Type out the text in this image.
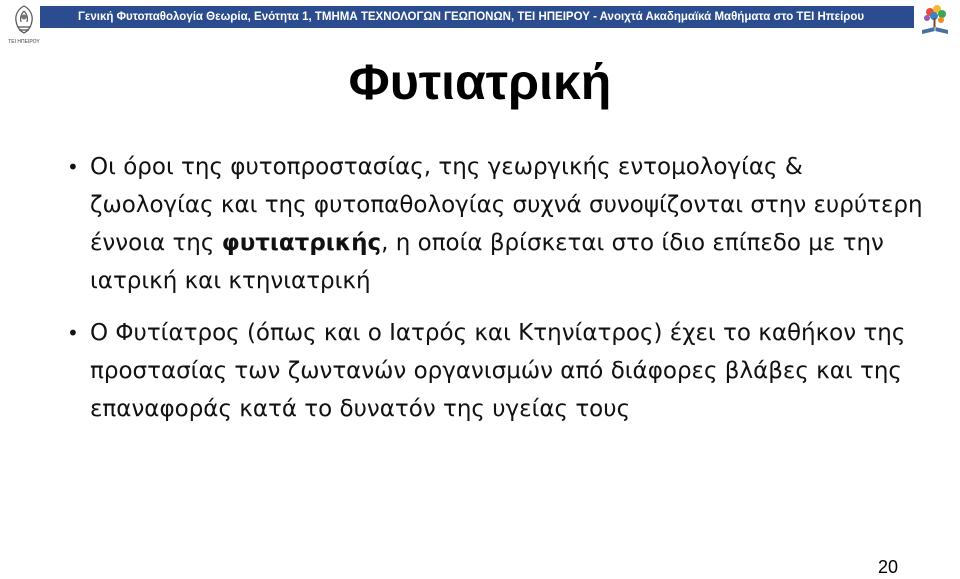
ΤΕΙ ΗΠΕΙΡΟΥ
Γενική Φυτοπαθολογία Θεωρία, Ενότητα 1, ΤΜΗΜΑ ΤΕΧΝΟΛΟΓΩΝ ΓΕΩΠΟΝΩΝ, ΤΕΙ ΗΠΕΙΡΟΥ - Ανοιχτά Ακαδημαϊκά Μαθήματα στο ΤΕΙ Ηπείρου
Φυτιατρική
• Οι όροι της φυτοπροστασίας, της γεωργικής εντομολογίας & ζωολογίας και της φυτοπαθολογίας συχνά συνοψίζονται στην ευρύτερη έννοια της φυτιατρικής, η οποία βρίσκεται στο ίδιο επίπεδο με την ιατρική και κτηνιατρική
• Ο Φυτίατρος (όπως και ο Ιατρός και Κτηνίατρος) έχει το καθήκον της προστασίας των ζωντανών οργανισμών από διάφορες βλάβες και της επαναφοράς κατά το δυνατόν της υγείας τους
20
